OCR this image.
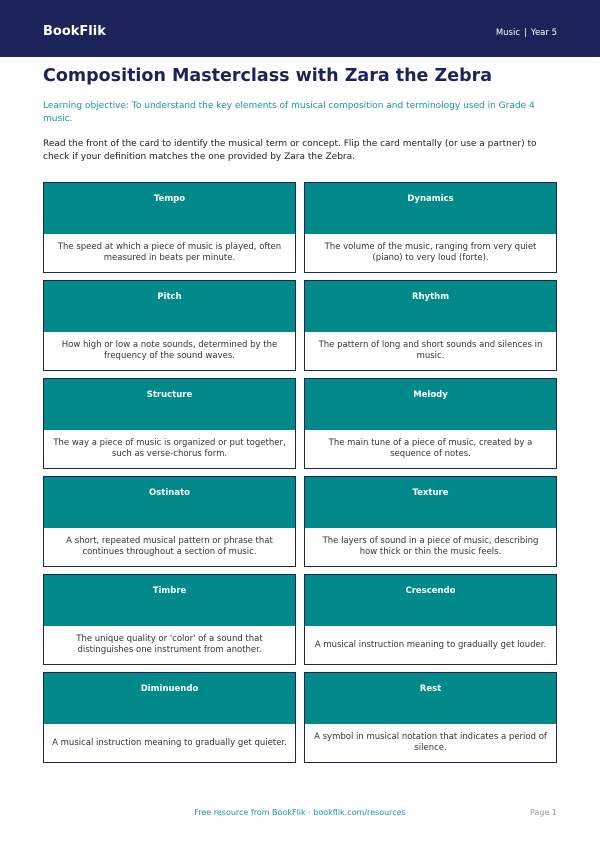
BookFlik	Music | Year 5
Composition Masterclass with Zara the Zebra
Learning objective: To understand the key elements of musical composition and terminology used in Grade 4 music.
Read the front of the card to identify the musical term or concept. Flip the card mentally (or use a partner) to check if your definition matches the one provided by Zara the Zebra.
Tempo
The speed at which a piece of music is played, often measured in beats per minute.
Dynamics
The volume of the music, ranging from very quiet (piano) to very loud (forte).
Pitch
How high or low a note sounds, determined by the frequency of the sound waves.
Rhythm
The pattern of long and short sounds and silences in music.
Structure
The way a piece of music is organized or put together, such as verse-chorus form.
Melody
The main tune of a piece of music, created by a sequence of notes.
Ostinato
A short, repeated musical pattern or phrase that continues throughout a section of music.
Texture
The layers of sound in a piece of music, describing how thick or thin the music feels.
Timbre
The unique quality or 'color' of a sound that distinguishes one instrument from another.
Crescendo
A musical instruction meaning to gradually get louder.
Diminuendo
A musical instruction meaning to gradually get quieter.
Rest
A symbol in musical notation that indicates a period of silence.
Free resource from BookFlik · bookflik.com/resources	Page 1
